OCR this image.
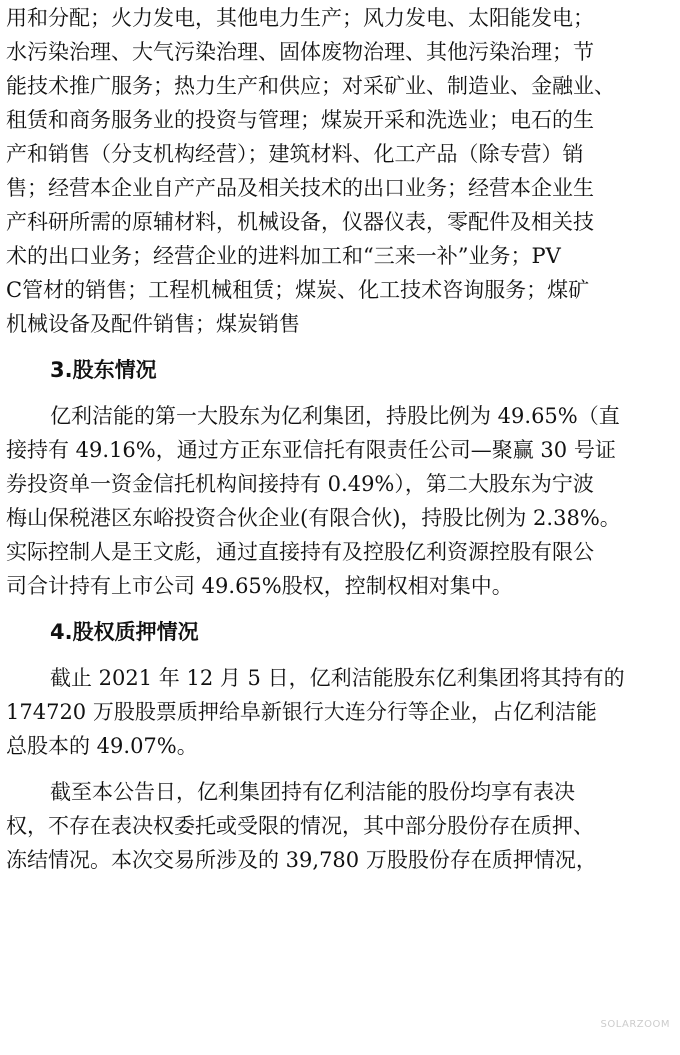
用和分配；火力发电，其他电力生产；风力发电、太阳能发电；
水污染治理、大气污染治理、固体废物治理、其他污染治理；节
能技术推广服务；热力生产和供应；对采矿业、制造业、金融业、
租赁和商务服务业的投资与管理；煤炭开采和洗选业；电石的生
产和销售（分支机构经营）；建筑材料、化工产品（除专营）销
售；经营本企业自产产品及相关技术的出口业务；经营本企业生
产科研所需的原辅材料，机械设备，仪器仪表，零配件及相关技
术的出口业务；经营企业的进料加工和“三来一补”业务；PV
C管材的销售；工程机械租赁；煤炭、化工技术咨询服务；煤矿
机械设备及配件销售；煤炭销售
3.股东情况
亿利洁能的第一大股东为亿利集团，持股比例为 49.65%（直
接持有 49.16%，通过方正东亚信托有限责任公司—聚赢 30 号证
券投资单一资金信托机构间接持有 0.49%），第二大股东为宁波
梅山保税港区东峪投资合伙企业(有限合伙)，持股比例为 2.38%。
实际控制人是王文彪，通过直接持有及控股亿利资源控股有限公
司合计持有上市公司 49.65%股权，控制权相对集中。
4.股权质押情况
截止 2021 年 12 月 5 日，亿利洁能股东亿利集团将其持有的
174720 万股股票质押给阜新银行大连分行等企业，占亿利洁能
总股本的 49.07%。
截至本公告日，亿利集团持有亿利洁能的股份均享有表决
权，不存在表决权委托或受限的情况，其中部分股份存在质押、
冻结情况。本次交易所涉及的 39,780 万股股份存在质押情况，
SOLARZOOM
